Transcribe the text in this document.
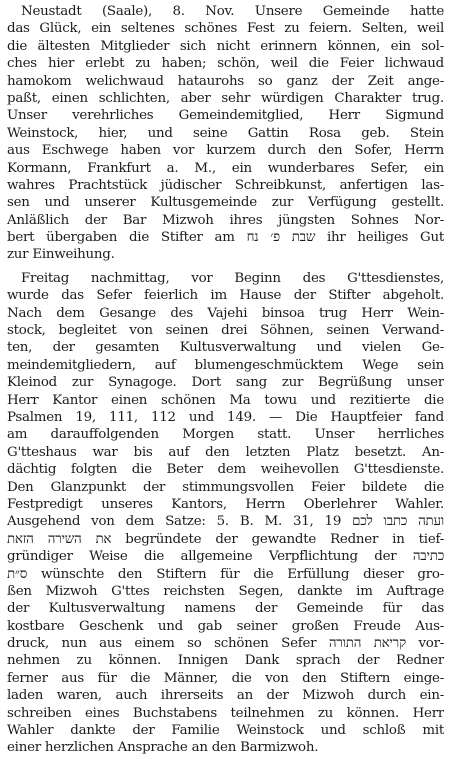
Neustadt (Saale), 8. Nov. Unsere Gemeinde hatte
das Glück, ein seltenes schönes Fest zu feiern. Selten, weil
die ältesten Mitglieder sich nicht erinnern können, ein sol-
ches hier erlebt zu haben; schön, weil die Feier lichwaud
hamokom welichwaud hataurohs so ganz der Zeit ange-
paßt, einen schlichten, aber sehr würdigen Charakter trug.
Unser verehrliches Gemeindemitglied, Herr Sigmund
Weinstock, hier, und seine Gattin Rosa geb. Stein
aus Eschwege haben vor kurzem durch den Sofer, Herrn
Kormann, Frankfurt a. M., ein wunderbares Sefer, ein
wahres Prachtstück jüdischer Schreibkunst, anfertigen las-
sen und unserer Kultusgemeinde zur Verfügung gestellt.
Anläßlich der Bar Mizwoh ihres jüngsten Sohnes Nor-
bert übergaben die Stifter am שבת פ׳ נח ihr heiliges Gut
zur Einweihung.

Freitag nachmittag, vor Beginn des G'ttesdienstes,
wurde das Sefer feierlich im Hause der Stifter abgeholt.
Nach dem Gesange des Vajehi binsoa trug Herr Wein-
stock, begleitet von seinen drei Söhnen, seinen Verwand-
ten, der gesamten Kultusverwaltung und vielen Ge-
meindemitgliedern, auf blumengeschmücktem Wege sein
Kleinod zur Synagoge. Dort sang zur Begrüßung unser
Herr Kantor einen schönen Ma towu und rezitierte die
Psalmen 19, 111, 112 und 149. — Die Hauptfeier fand
am darauffolgenden Morgen statt. Unser herrliches
G'tteshaus war bis auf den letzten Platz besetzt. An-
dächtig folgten die Beter dem weihevollen G'ttesdienste.
Den Glanzpunkt der stimmungsvollen Feier bildete die
Festpredigt unseres Kantors, Herrn Oberlehrer Wahler.
Ausgehend von dem Satze: 5. B. M. 31, 19 ועתה כתבו לכם
את השירה הזאת begründete der gewandte Redner in tief-
gründiger Weise die allgemeine Verpflichtung der כתיבה
ס״ת wünschte den Stiftern für die Erfüllung dieser gro-
ßen Mizwoh G'ttes reichsten Segen, dankte im Auftrage
der Kultusverwaltung namens der Gemeinde für das
kostbare Geschenk und gab seiner großen Freude Aus-
druck, nun aus einem so schönen Sefer קריאת התורה vor-
nehmen zu können. Innigen Dank sprach der Redner
ferner aus für die Männer, die von den Stiftern einge-
laden waren, auch ihrerseits an der Mizwoh durch ein-
schreiben eines Buchstabens teilnehmen zu können. Herr
Wahler dankte der Familie Weinstock und schloß mit
einer herzlichen Ansprache an den Barmizwoh.
